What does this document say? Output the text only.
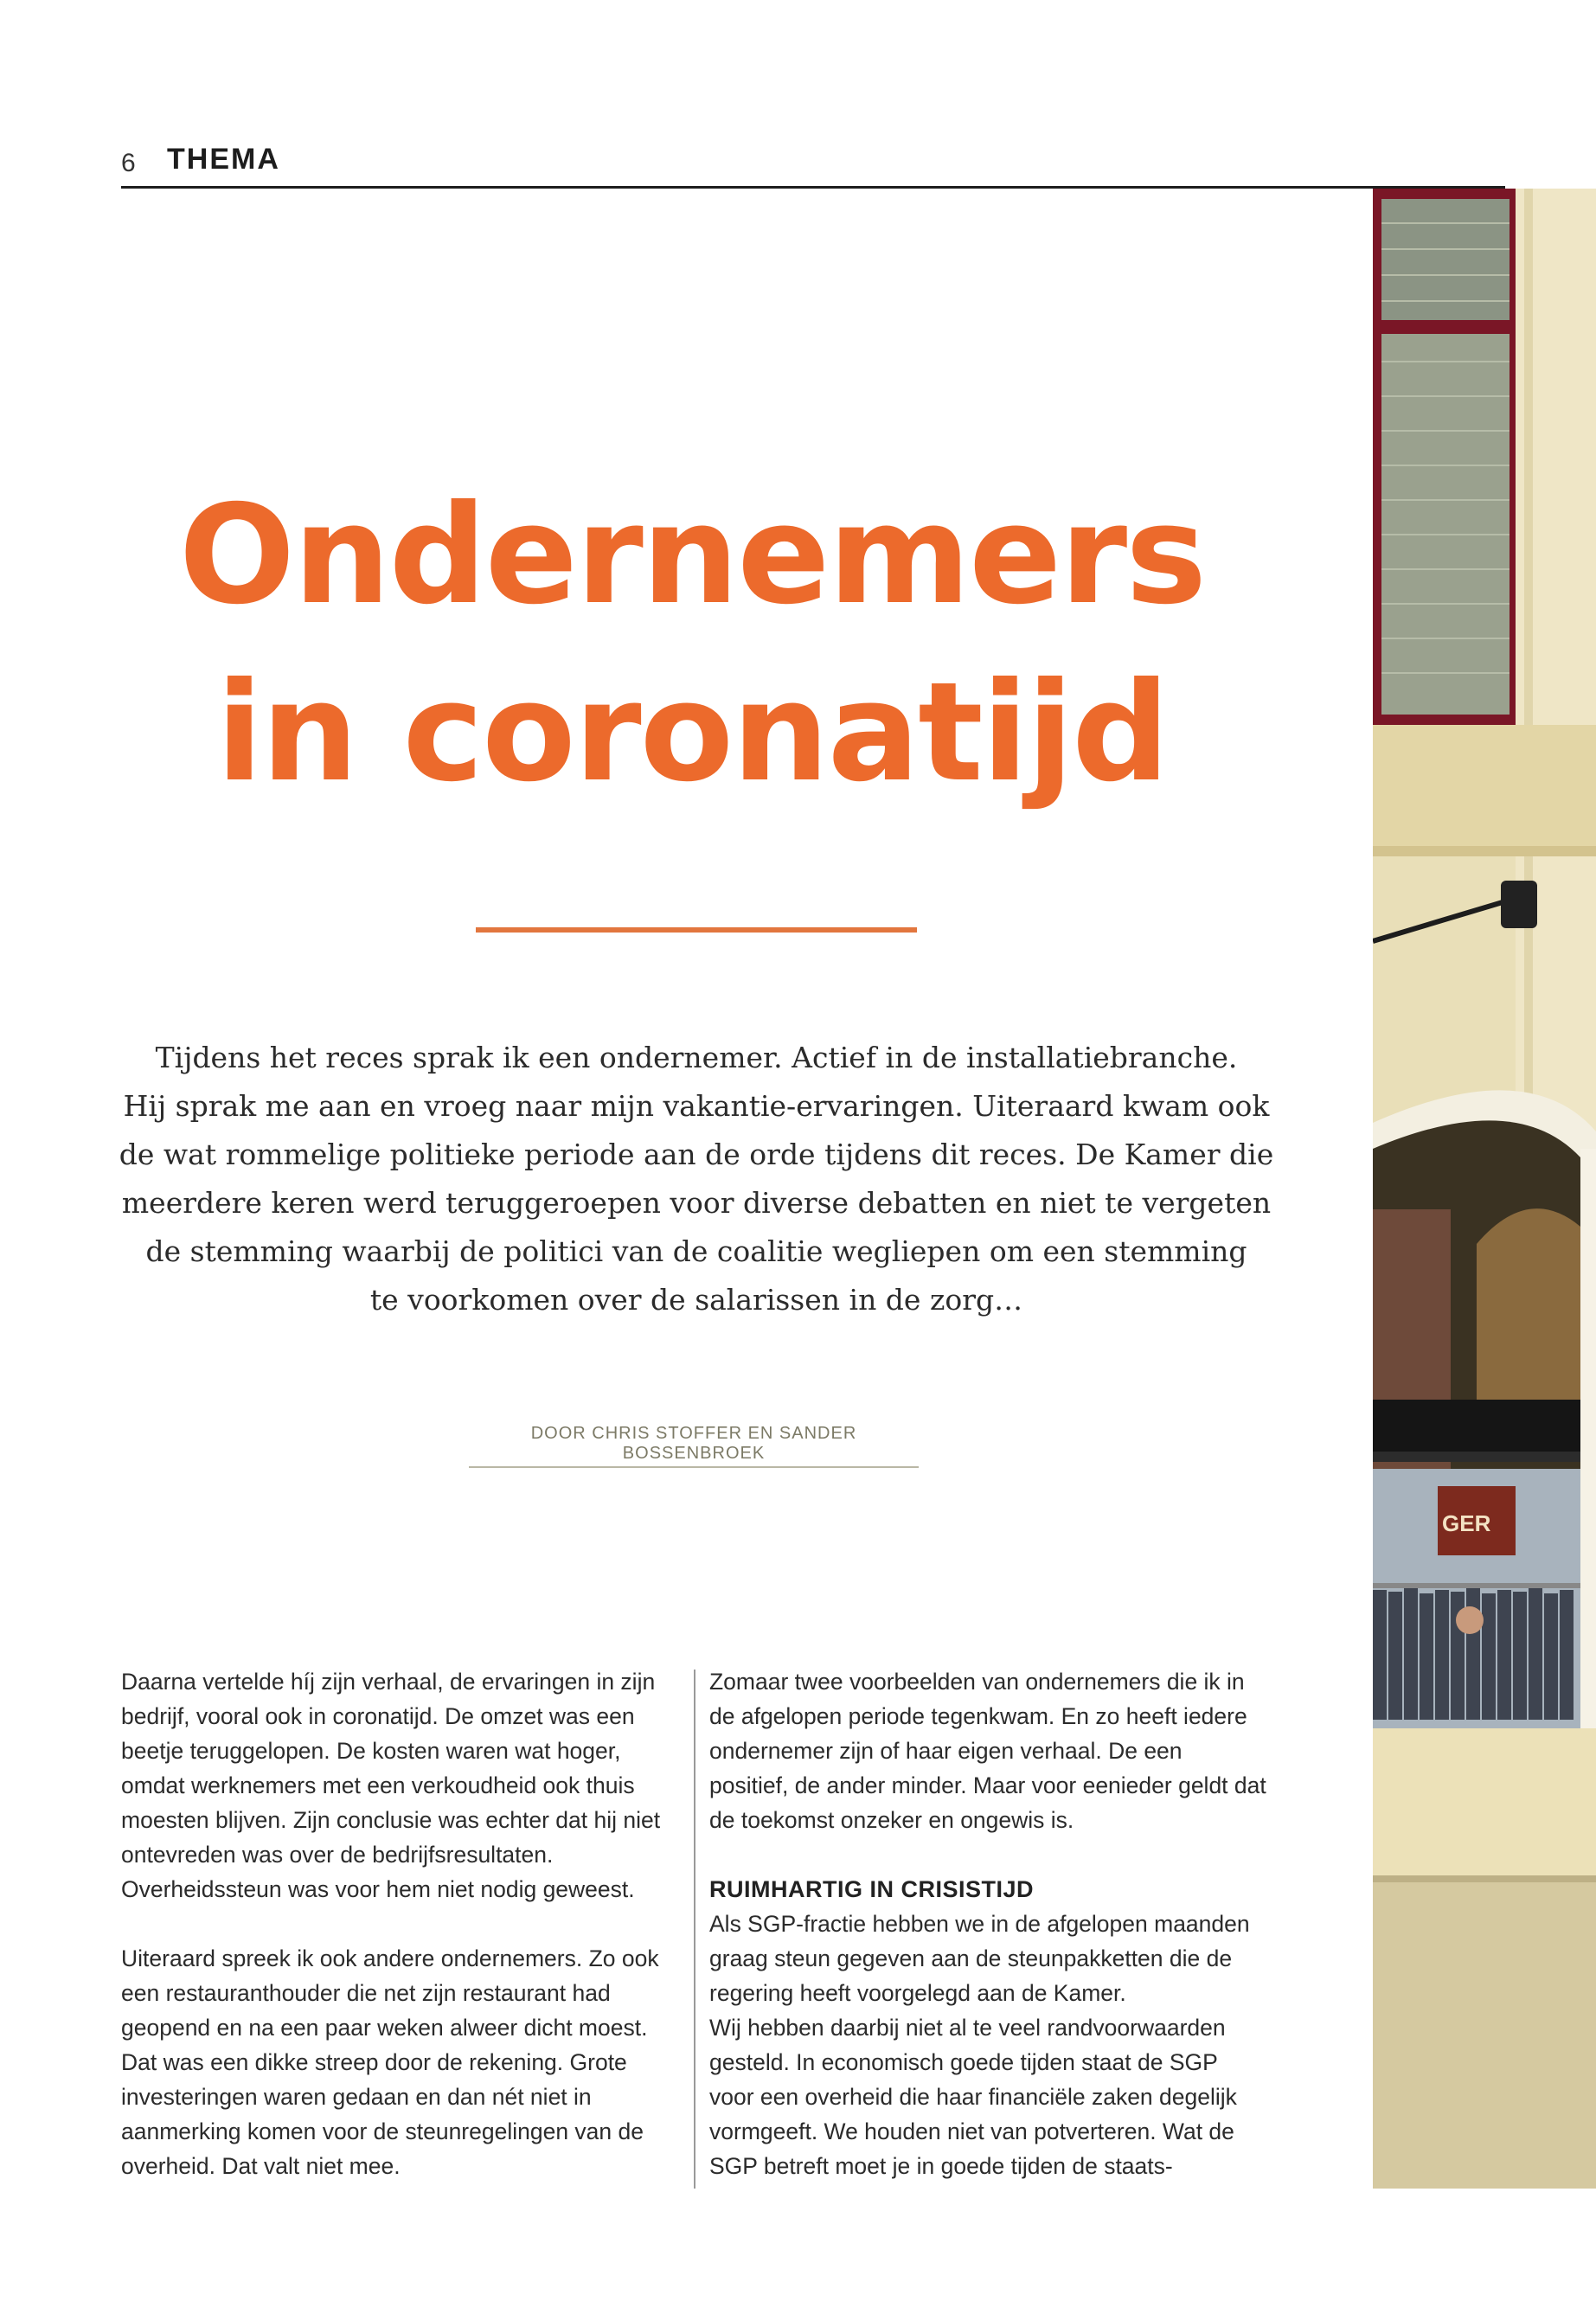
6 THEMA
Ondernemers
in coronatijd
Tijdens het reces sprak ik een ondernemer. Actief in de installatiebranche.
Hij sprak me aan en vroeg naar mijn vakantie-ervaringen. Uiteraard kwam ook
de wat rommelige politieke periode aan de orde tijdens dit reces. De Kamer die
meerdere keren werd teruggeroepen voor diverse debatten en niet te vergeten
de stemming waarbij de politici van de coalitie wegliepen om een stemming
te voorkomen over de salarissen in de zorg…
DOOR CHRIS STOFFER EN SANDER BOSSENBROEK

Daarna vertelde híj zijn verhaal, de ervaringen in zijn bedrijf, vooral ook in coronatijd. De omzet was een beetje teruggelopen. De kosten waren wat hoger, omdat werknemers met een verkoudheid ook thuis moesten blijven. Zijn conclusie was echter dat hij niet ontevreden was over de bedrijfsresultaten. Overheidssteun was voor hem niet nodig geweest.

Uiteraard spreek ik ook andere ondernemers. Zo ook een restauranthouder die net zijn restaurant had geopend en na een paar weken alweer dicht moest. Dat was een dikke streep door de rekening. Grote investeringen waren gedaan en dan nét niet in aanmerking komen voor de steunregelingen van de overheid. Dat valt niet mee.

Zomaar twee voorbeelden van ondernemers die ik in de afgelopen periode tegenkwam. En zo heeft iedere ondernemer zijn of haar eigen verhaal. De een positief, de ander minder. Maar voor eenieder geldt dat de toekomst onzeker en ongewis is.

RUIMHARTIG IN CRISISTIJD
Als SGP-fractie hebben we in de afgelopen maanden graag steun gegeven aan de steunpakketten die de regering heeft voorgelegd aan de Kamer.

Wij hebben daarbij niet al te veel randvoorwaarden gesteld. In economisch goede tijden staat de SGP voor een overheid die haar financiële zaken degelijk vormgeeft. We houden niet van potverteren. Wat de SGP betreft moet je in goede tijden de staats-

GER
